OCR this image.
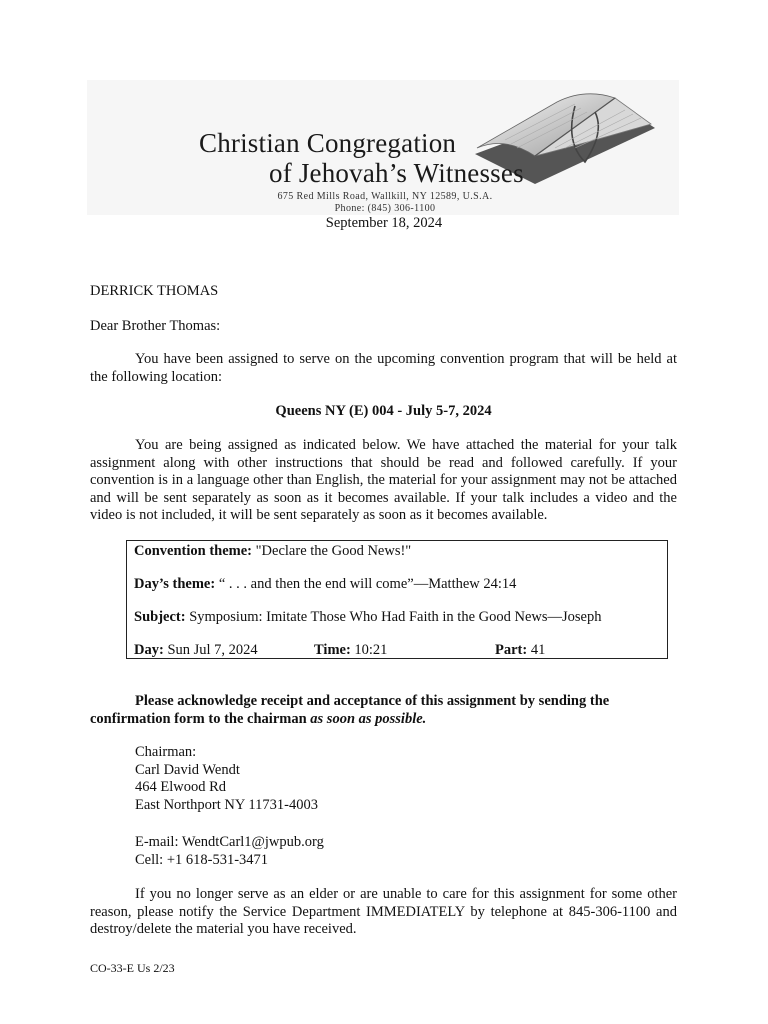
Christian Congregation
of Jehovah’s Witnesses
675 Red Mills Road, Wallkill, NY 12589, U.S.A.
Phone: (845) 306-1100
September 18, 2024
DERRICK THOMAS
Dear Brother Thomas:
You have been assigned to serve on the upcoming convention program that will be held at the following location:
Queens NY (E) 004 - July 5-7, 2024
You are being assigned as indicated below. We have attached the material for your talk assignment along with other instructions that should be read and followed carefully. If your convention is in a language other than English, the material for your assignment may not be attached and will be sent separately as soon as it becomes available. If your talk includes a video and the video is not included, it will be sent separately as soon as it becomes available.
Convention theme: "Declare the Good News!"
Day’s theme: “ . . . and then the end will come”—Matthew 24:14
Subject: Symposium: Imitate Those Who Had Faith in the Good News—Joseph
Day: Sun Jul 7, 2024	Time: 10:21	Part: 41
Please acknowledge receipt and acceptance of this assignment by sending the confirmation form to the chairman as soon as possible.
Chairman:
Carl David Wendt
464 Elwood Rd
East Northport NY 11731-4003
E-mail: WendtCarl1@jwpub.org
Cell: +1 618-531-3471
If you no longer serve as an elder or are unable to care for this assignment for some other reason, please notify the Service Department IMMEDIATELY by telephone at 845-306-1100 and destroy/delete the material you have received.
CO-33-E Us 2/23
